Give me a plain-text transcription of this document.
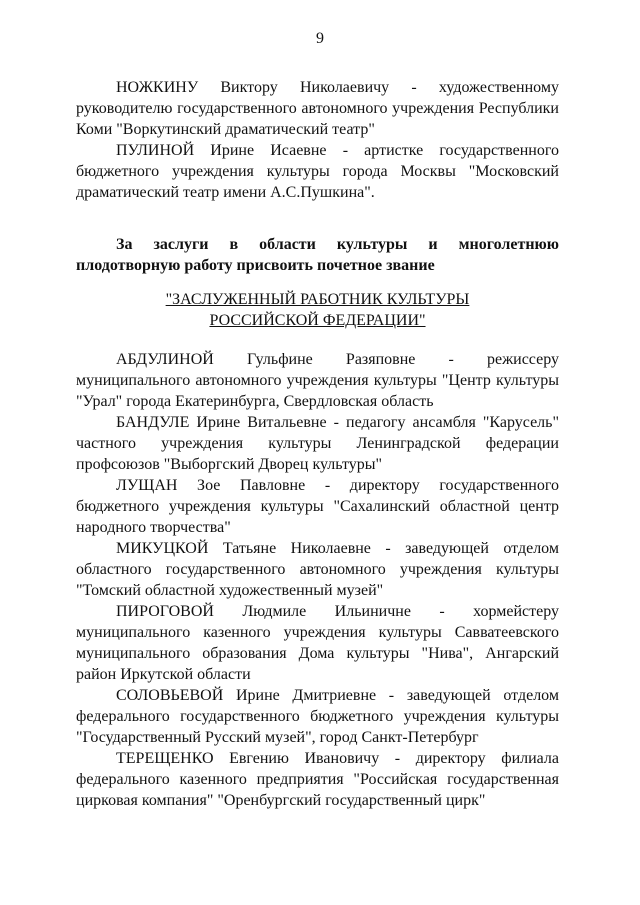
9

НОЖКИНУ Виктору Николаевичу - художественному руководителю государственного автономного учреждения Республики Коми "Воркутинский драматический театр"

ПУЛИНОЙ Ирине Исаевне - артистке государственного бюджетного учреждения культуры города Москвы "Московский драматический театр имени А.С.Пушкина".

За заслуги в области культуры и многолетнюю плодотворную работу присвоить почетное звание

"ЗАСЛУЖЕННЫЙ РАБОТНИК КУЛЬТУРЫ
РОССИЙСКОЙ ФЕДЕРАЦИИ"

АБДУЛИНОЙ Гульфине Разяповне - режиссеру муниципального автономного учреждения культуры "Центр культуры "Урал" города Екатеринбурга, Свердловская область

БАНДУЛЕ Ирине Витальевне - педагогу ансамбля "Карусель" частного учреждения культуры Ленинградской федерации профсоюзов "Выборгский Дворец культуры"

ЛУЩАН Зое Павловне - директору государственного бюджетного учреждения культуры "Сахалинский областной центр народного творчества"

МИКУЦКОЙ Татьяне Николаевне - заведующей отделом областного государственного автономного учреждения культуры "Томский областной художественный музей"

ПИРОГОВОЙ Людмиле Ильиничне - хормейстеру муниципального казенного учреждения культуры Савватеевского муниципального образования Дома культуры "Нива", Ангарский район Иркутской области

СОЛОВЬЕВОЙ Ирине Дмитриевне - заведующей отделом федерального государственного бюджетного учреждения культуры "Государственный Русский музей", город Санкт-Петербург

ТЕРЕЩЕНКО Евгению Ивановичу - директору филиала федерального казенного предприятия "Российская государственная цирковая компания" "Оренбургский государственный цирк"
